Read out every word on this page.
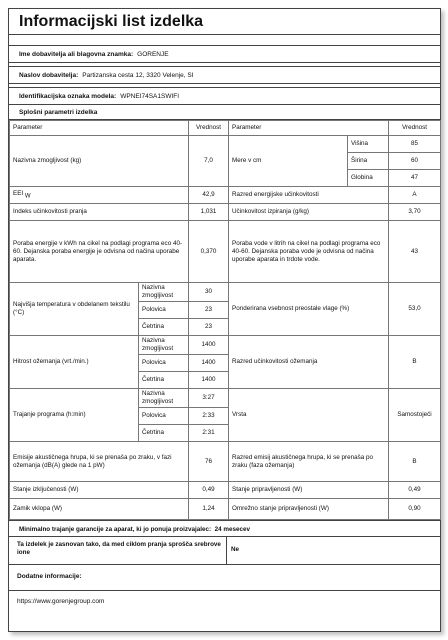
Informacijski list izdelka
Ime dobavitelja ali blagovna znamka: GORENJE
Naslov dobavitelja: Partizanska cesta 12, 3320 Velenje, SI
Identifikacijska oznaka modela: WPNEI74SA1SWIFI
Splošni parametri izdelka
Parameter		Vrednost	Parameter		Vrednost
Nazivna zmogljivost (kg)		7,0	Mere v cm	Višina	85
				Širina	60
				Globina	47
EEI $_W$		42,9	Razred energijske učinkovitosti		A
Indeks učinkovitosti pranja		1,031	Učinkovitost izpiranja (g/kg)		3,70
Poraba energije v kWh na cikel na podlagi programa eco 40-60. Dejanska poraba energije je odvisna od načina uporabe aparata.		0,370	Poraba vode v litrih na cikel na podlagi programa eco 40-60. Dejanska poraba vode je odvisna od načina uporabe aparata in trdote vode.		43
Najvišja temperatura v obdelanem tekstilu (°C)	Nazivna zmogljivost	30	Ponderirana vsebnost preostale vlage (%)		53,0
	Polovica	23			
	Četrtina	23			
Hitrost ožemanja (vrt./min.)	Nazivna zmogljivost	1400	Razred učinkovitosti ožemanja		B
	Polovica	1400			
	Četrtina	1400			
Trajanje programa (h:min)	Nazivna zmogljivost	3:27	Vrsta		Samostoječi
	Polovica	2:33			
	Četrtina	2:31			
Emisije akustičnega hrupa, ki se prenaša po zraku, v fazi ožemanja (dB(A) glede na 1 pW)		76	Razred emisij akustičnega hrupa, ki se prenaša po zraku (faza ožemanja)		B
Stanje izključenosti (W)		0,49	Stanje pripravljenosti (W)		0,49
Zamik vklopa (W)		1,24	Omrežno stanje pripravljenosti (W)		0,90
Minimalno trajanje garancije za aparat, ki jo ponuja proizvajalec: 24 mesecev
Ta izdelek je zasnovan tako, da med ciklom pranja sprošča srebrove ione	Ne
Dodatne informacije:
https://www.gorenjegroup.com
